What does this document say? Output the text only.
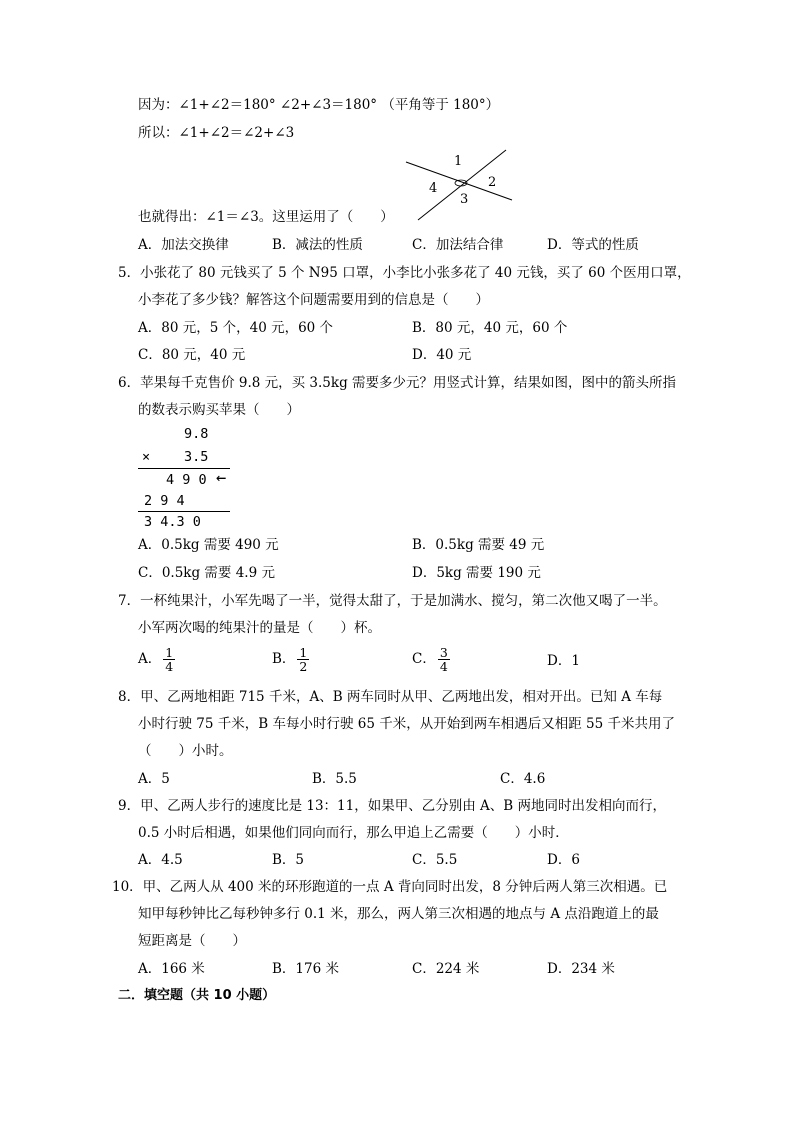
因为：∠1+∠2＝180° ∠2+∠3＝180° （平角等于 180°）
所以：∠1+∠2＝∠2+∠3
1
2
3
4
也就得出：∠1＝∠3。这里运用了（　　）
A．加法交换律	B．减法的性质	C．加法结合律	D．等式的性质
5．小张花了 80 元钱买了 5 个 N95 口罩，小李比小张多花了 40 元钱，买了 60 个医用口罩，
小李花了多少钱？解答这个问题需要用到的信息是（　　）
A．80 元，5 个，40 元，60 个	B．80 元，40 元，60 个
C．80 元，40 元	D．40 元
6．苹果每千克售价 9.8 元，买 3.5kg 需要多少元？用竖式计算，结果如图，图中的箭头所指
的数表示购买苹果（　　）
9.8
×	3.5
4 9 0 ←
2 9 4
3 4.3 0
A．0.5kg 需要 490 元	B．0.5kg 需要 49 元
C．0.5kg 需要 4.9 元	D．5kg 需要 190 元
7．一杯纯果汁，小军先喝了一半，觉得太甜了，于是加满水、搅匀，第二次他又喝了一半。
小军两次喝的纯果汁的量是（　　）杯。
A． $\frac{1}{4}$	B． $\frac{1}{2}$	C． $\frac{3}{4}$	D．1
8．甲、乙两地相距 715 千米，A、B 两车同时从甲、乙两地出发，相对开出。已知 A 车每
小时行驶 75 千米，B 车每小时行驶 65 千米，从开始到两车相遇后又相距 55 千米共用了
（　　）小时。
A．5	B．5.5	C．4.6
9．甲、乙两人步行的速度比是 13：11，如果甲、乙分别由 A、B 两地同时出发相向而行，
0.5 小时后相遇，如果他们同向而行，那么甲追上乙需要（　　）小时．
A．4.5	B．5	C．5.5	D．6
10．甲、乙两人从 400 米的环形跑道的一点 A 背向同时出发，8 分钟后两人第三次相遇。已
知甲每秒钟比乙每秒钟多行 0.1 米，那么，两人第三次相遇的地点与 A 点沿跑道上的最
短距离是（　　）
A．166 米	B．176 米	C．224 米	D．234 米
二．填空题（共 10 小题）
